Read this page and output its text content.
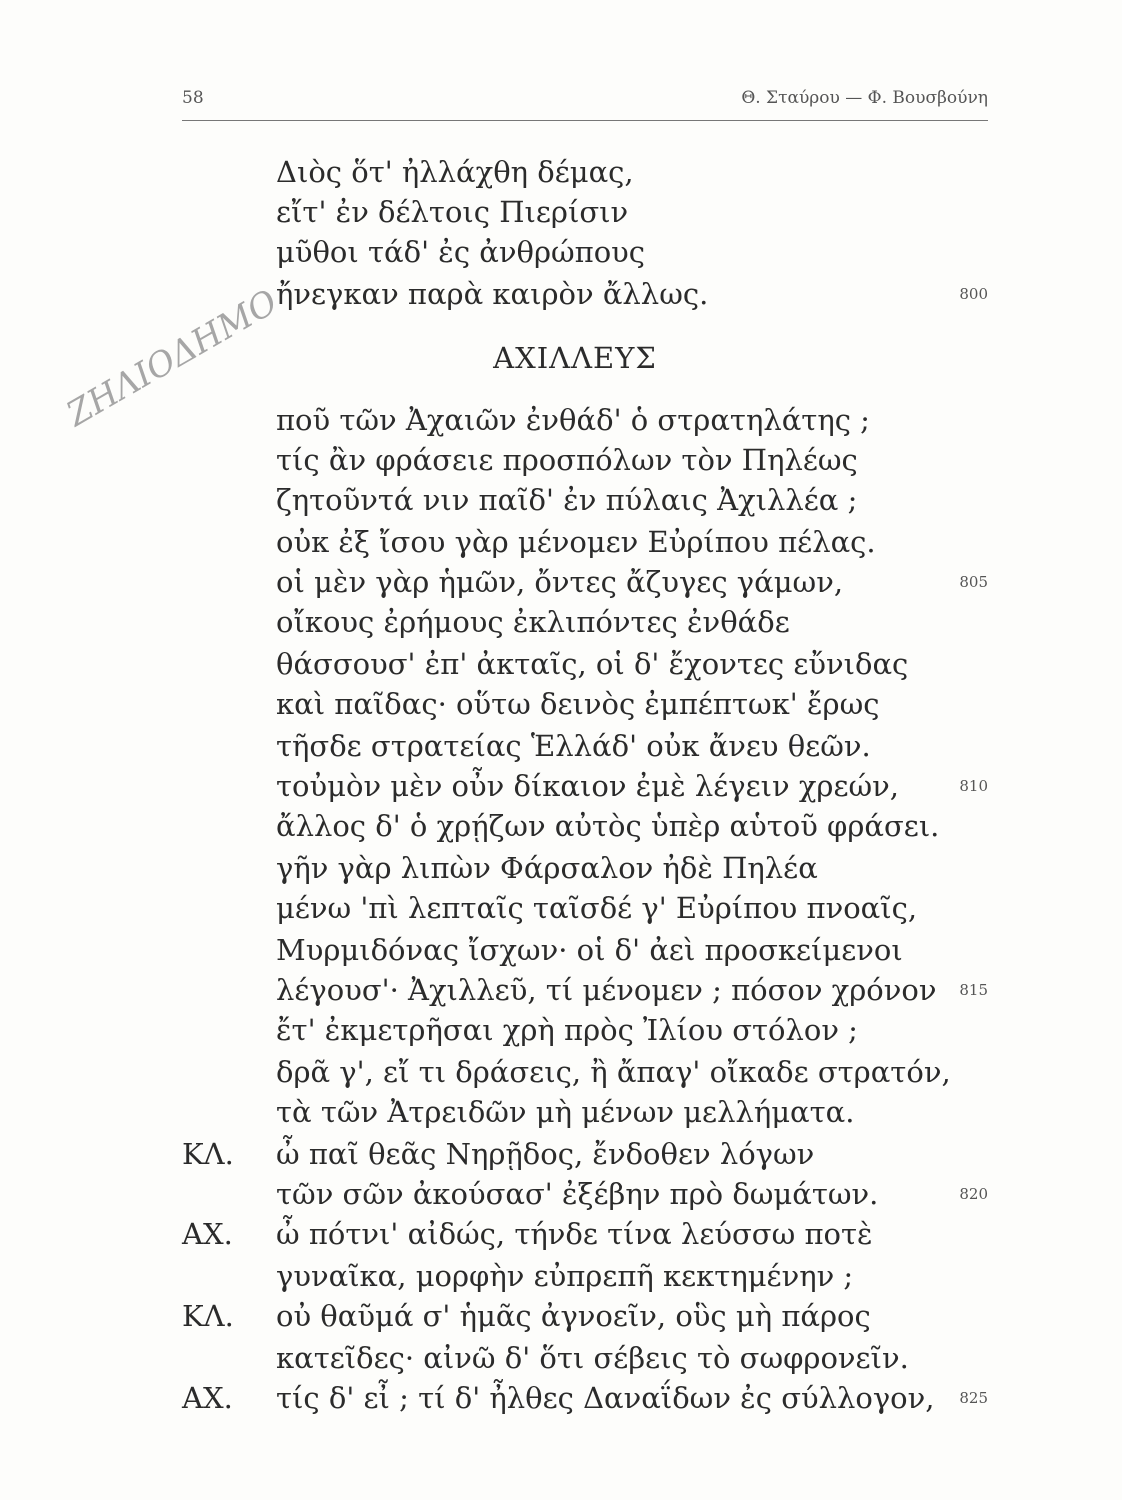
58	Θ. Σταύρου — Φ. Βουσβούνη
ΖΗΛΙΟΔΗΜΟ	ΑΧΙΛΛΕΥΣ
Διὸς ὅτ' ἠλλάχθη δέμας,
εἴτ' ἐν δέλτοις Πιερίσιν
μῦθοι τάδ' ἐς ἀνθρώπους
ἤνεγκαν παρὰ καιρὸν ἄλλως.	800
ποῦ τῶν Ἀχαιῶν ἐνθάδ' ὁ στρατηλάτης ;
τίς ἂν φράσειε προσπόλων τὸν Πηλέως
ζητοῦντά νιν παῖδ' ἐν πύλαις Ἀχιλλέα ;
οὐκ ἐξ ἴσου γὰρ μένομεν Εὐρίπου πέλας.
οἱ μὲν γὰρ ἡμῶν, ὄντες ἄζυγες γάμων,	805
οἴκους ἐρήμους ἐκλιπόντες ἐνθάδε
θάσσουσ' ἐπ' ἀκταῖς, οἱ δ' ἔχοντες εὔνιδας
καὶ παῖδας· οὕτω δεινὸς ἐμπέπτωκ' ἔρως
τῆσδε στρατείας Ἑλλάδ' οὐκ ἄνευ θεῶν.
τοὐμὸν μὲν οὖν δίκαιον ἐμὲ λέγειν χρεών,	810
ἄλλος δ' ὁ χρῄζων αὐτὸς ὑπὲρ αὑτοῦ φράσει.
γῆν γὰρ λιπὼν Φάρσαλον ἠδὲ Πηλέα
μένω 'πὶ λεπταῖς ταῖσδέ γ' Εὐρίπου πνοαῖς,
Μυρμιδόνας ἴσχων· οἱ δ' ἀεὶ προσκείμενοι
λέγουσ'· Ἀχιλλεῦ, τί μένομεν ; πόσον χρόνον	815
ἔτ' ἐκμετρῆσαι χρὴ πρὸς Ἰλίου στόλον ;
δρᾶ γ', εἴ τι δράσεις, ἢ ἄπαγ' οἴκαδε στρατόν,
τὰ τῶν Ἀτρειδῶν μὴ μένων μελλήματα.
ΚΛ. ὦ παῖ θεᾶς Νηρῇδος, ἔνδοθεν λόγων
τῶν σῶν ἀκούσασ' ἐξέβην πρὸ δωμάτων.	820
ΑΧ. ὦ πότνι' αἰδώς, τήνδε τίνα λεύσσω ποτὲ
γυναῖκα, μορφὴν εὐπρεπῆ κεκτημένην ;
ΚΛ. οὐ θαῦμά σ' ἡμᾶς ἀγνοεῖν, οὓς μὴ πάρος
κατεῖδες· αἰνῶ δ' ὅτι σέβεις τὸ σωφρονεῖν.
ΑΧ. τίς δ' εἶ ; τί δ' ἦλθες Δαναΐδων ἐς σύλλογον,	825
